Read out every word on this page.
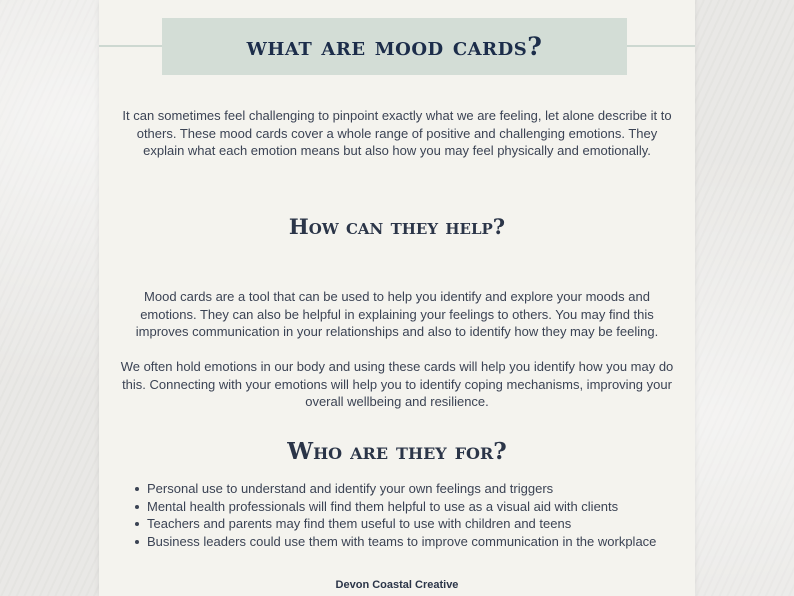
what are mood cards?

It can sometimes feel challenging to pinpoint exactly what we are feeling, let alone describe it to others. These mood cards cover a whole range of positive and challenging emotions. They explain what each emotion means but also how you may feel physically and emotionally.

How can they help?

Mood cards are a tool that can be used to help you identify and explore your moods and emotions. They can also be helpful in explaining your feelings to others. You may find this improves communication in your relationships and also to identify how they may be feeling.

We often hold emotions in our body and using these cards will help you identify how you may do this. Connecting with your emotions will help you to identify coping mechanisms, improving your overall wellbeing and resilience.

Who are they for?
Personal use to understand and identify your own feelings and triggers
Mental health professionals will find them helpful to use as a visual aid with clients
Teachers and parents may find them useful to use with children and teens
Business leaders could use them with teams to improve communication in the workplace

Devon Coastal Creative
